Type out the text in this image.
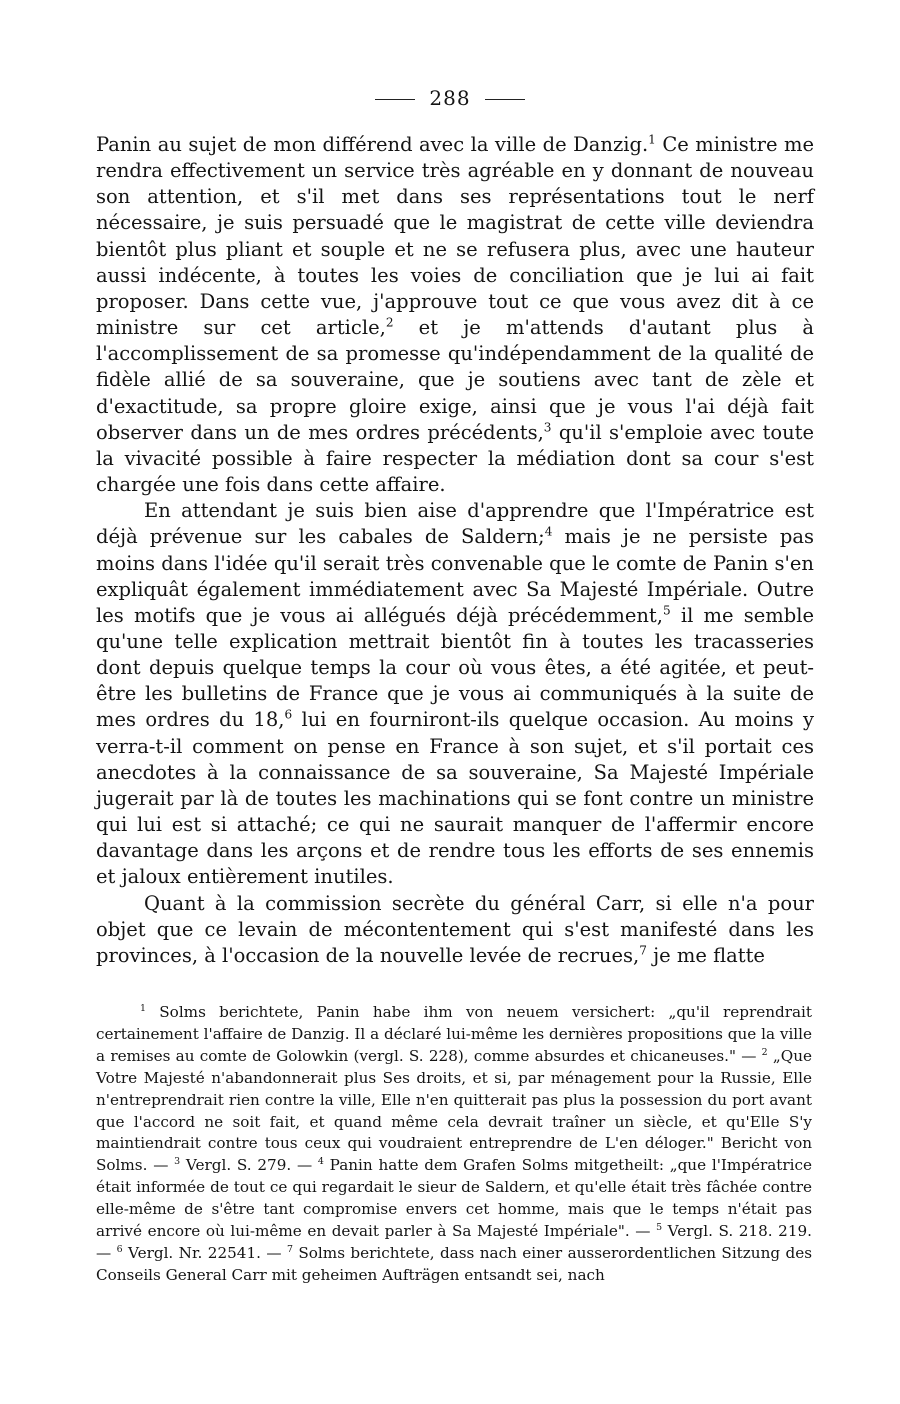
288

Panin au sujet de mon différend avec la ville de Danzig.$^1$ Ce ministre me rendra effectivement un service très agréable en y donnant de nouveau son attention, et s'il met dans ses représentations tout le nerf nécessaire, je suis persuadé que le magistrat de cette ville deviendra bientôt plus pliant et souple et ne se refusera plus, avec une hauteur aussi indécente, à toutes les voies de conciliation que je lui ai fait proposer. Dans cette vue, j'approuve tout ce que vous avez dit à ce ministre sur cet article,$^2$ et je m'attends d'autant plus à l'accomplissement de sa promesse qu'indépendamment de la qualité de fidèle allié de sa souveraine, que je soutiens avec tant de zèle et d'exactitude, sa propre gloire exige, ainsi que je vous l'ai déjà fait observer dans un de mes ordres précédents,$^3$ qu'il s'emploie avec toute la vivacité possible à faire respecter la médiation dont sa cour s'est chargée une fois dans cette affaire.

En attendant je suis bien aise d'apprendre que l'Impératrice est déjà prévenue sur les cabales de Saldern;$^4$ mais je ne persiste pas moins dans l'idée qu'il serait très convenable que le comte de Panin s'en expliquât également immédiatement avec Sa Majesté Impériale. Outre les motifs que je vous ai allégués déjà précédemment,$^5$ il me semble qu'une telle explication mettrait bientôt fin à toutes les tracasseries dont depuis quelque temps la cour où vous êtes, a été agitée, et peut-être les bulletins de France que je vous ai communiqués à la suite de mes ordres du 18,$^6$ lui en fourniront-ils quelque occasion. Au moins y verra-t-il comment on pense en France à son sujet, et s'il portait ces anecdotes à la connaissance de sa souveraine, Sa Majesté Impériale jugerait par là de toutes les machinations qui se font contre un ministre qui lui est si attaché; ce qui ne saurait manquer de l'affermir encore davantage dans les arçons et de rendre tous les efforts de ses ennemis et jaloux entièrement inutiles.

Quant à la commission secrète du général Carr, si elle n'a pour objet que ce levain de mécontentement qui s'est manifesté dans les provinces, à l'occasion de la nouvelle levée de recrues,$^7$ je me flatte

$^1$ Solms berichtete, Panin habe ihm von neuem versichert: „qu'il reprendrait certainement l'affaire de Danzig. Il a déclaré lui-même les dernières propositions que la ville a remises au comte de Golowkin (vergl. S. 228), comme absurdes et chicaneuses." — $^2$ „Que Votre Majesté n'abandonnerait plus Ses droits, et si, par ménagement pour la Russie, Elle n'entreprendrait rien contre la ville, Elle n'en quitterait pas plus la possession du port avant que l'accord ne soit fait, et quand même cela devrait traîner un siècle, et qu'Elle S'y maintiendrait contre tous ceux qui voudraient entreprendre de L'en déloger." Bericht von Solms. — $^3$ Vergl. S. 279. — $^4$ Panin hatte dem Grafen Solms mitgetheilt: „que l'Impératrice était informée de tout ce qui regardait le sieur de Saldern, et qu'elle était très fâchée contre elle-même de s'être tant compromise envers cet homme, mais que le temps n'était pas arrivé encore où lui-même en devait parler à Sa Majesté Impériale". — $^5$ Vergl. S. 218. 219. — $^6$ Vergl. Nr. 22541. — $^7$ Solms berichtete, dass nach einer ausserordentlichen Sitzung des Conseils General Carr mit geheimen Aufträgen entsandt sei, nach
